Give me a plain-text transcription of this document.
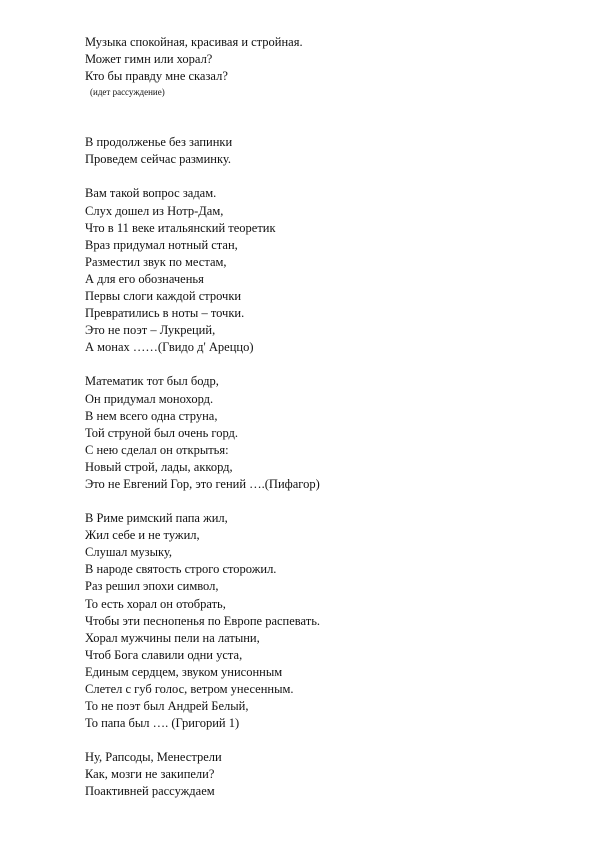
Музыка спокойная, красивая и стройная.
Может гимн или хорал?
Кто бы правду мне сказал?
(идет рассуждение)
В продолженье без запинки
Проведем сейчас разминку.
Вам такой вопрос задам.
Слух дошел из Нотр-Дам,
Что в 11 веке итальянский теоретик
Враз придумал нотный стан,
Разместил звук по местам,
А для его обозначенья
Первы слоги каждой строчки
Превратились в ноты – точки.
Это не поэт – Лукреций,
А монах ……(Гвидо д' Ареццо)
Математик тот был бодр,
Он придумал монохорд.
В нем всего одна струна,
Той струной был очень горд.
С нею сделал он открытья:
Новый строй, лады, аккорд,
Это не Евгений Гор, это гений ….(Пифагор)
В Риме римский папа жил,
Жил себе и не тужил,
Слушал музыку,
В народе святость строго сторожил.
Раз решил эпохи символ,
То есть хорал он отобрать,
Чтобы эти песнопенья по Европе распевать.
Хорал мужчины пели на латыни,
Чтоб Бога славили одни уста,
Единым сердцем, звуком унисонным
Слетел с губ голос, ветром унесенным.
То не поэт был Андрей Белый,
То папа был …. (Григорий 1)
Ну, Рапсоды, Менестрели
Как, мозги не закипели?
Поактивней рассуждаем
